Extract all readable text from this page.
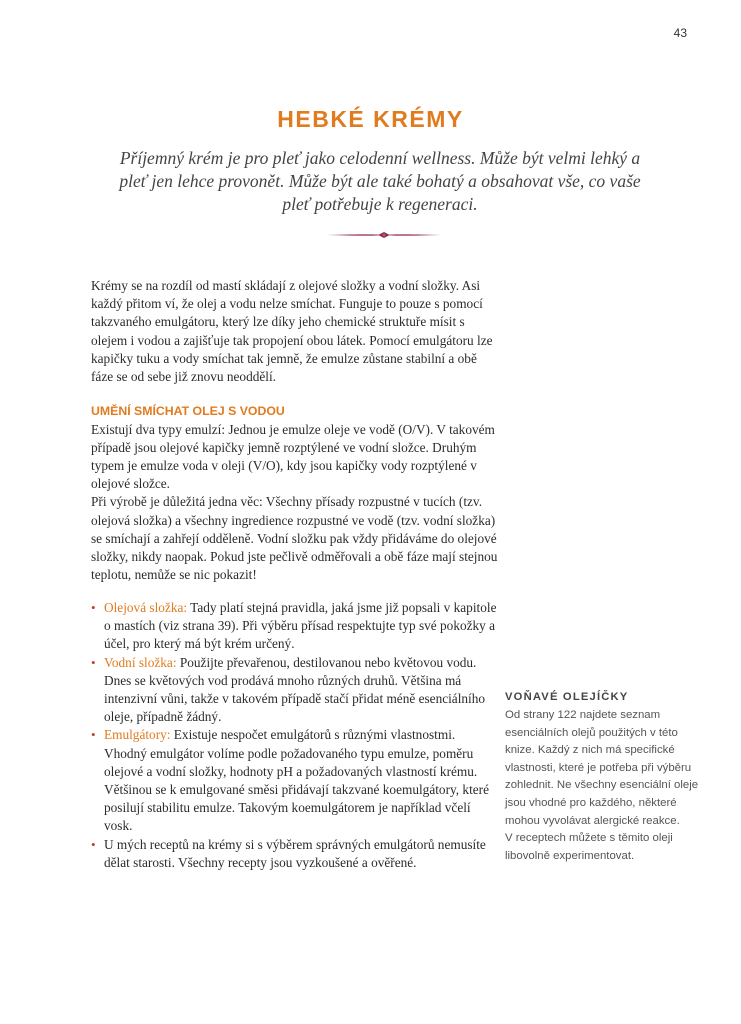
43
HEBKÉ KRÉMY
Příjemný krém je pro pleť jako celodenní wellness. Může být velmi lehký a pleť jen lehce provonět. Může být ale také bohatý a obsahovat vše, co vaše pleť potřebuje k regeneraci.
Krémy se na rozdíl od mastí skládají z olejové složky a vodní složky. Asi každý přitom ví, že olej a vodu nelze smíchat. Funguje to pouze s pomocí takzvaného emulgátoru, který lze díky jeho chemické struktuře mísit s olejem i vodou a zajišťuje tak propojení obou látek. Pomocí emulgátoru lze kapičky tuku a vody smíchat tak jemně, že emulze zůstane stabilní a obě fáze se od sebe již znovu neoddělí.
UMĚNÍ SMÍCHAT OLEJ S VODOU

Existují dva typy emulzí: Jednou je emulze oleje ve vodě (O/V). V takovém případě jsou olejové kapičky jemně rozptýlené ve vodní složce. Druhým typem je emulze voda v oleji (V/O), kdy jsou kapičky vody rozptýlené v olejové složce.

Při výrobě je důležitá jedna věc: Všechny přísady rozpustné v tucích (tzv. olejová složka) a všechny ingredience rozpustné ve vodě (tzv. vodní složka) se smíchají a zahřejí odděleně. Vodní složku pak vždy přidáváme do olejové složky, nikdy naopak. Pokud jste pečlivě odměřovali a obě fáze mají stejnou teplotu, nemůže se nic pokazit!

• Olejová složka: Tady platí stejná pravidla, jaká jsme již popsali v kapitole o mastích (viz strana 39). Při výběru přísad respektujte typ své pokožky a účel, pro který má být krém určený.

• Vodní složka: Použijte převařenou, destilovanou nebo květovou vodu. Dnes se květových vod prodává mnoho různých druhů. Většina má intenzivní vůni, takže v takovém případě stačí přidat méně esenciálního oleje, případně žádný.

• Emulgátory: Existuje nespočet emulgátorů s různými vlastnostmi. Vhodný emulgátor volíme podle požadovaného typu emulze, poměru olejové a vodní složky, hodnoty pH a požadovaných vlastností krému. Většinou se k emulgované směsi přidávají takzvané koemulgátory, které posilují stabilitu emulze. Takovým koemulgátorem je například včelí vosk.

• U mých receptů na krémy si s výběrem správných emulgátorů nemusíte dělat starosti. Všechny recepty jsou vyzkoušené a ověřené.

VOŇAVÉ OLEJÍČKY

Od strany 122 najdete seznam esenciálních olejů použitých v této knize. Každý z nich má specifické vlastnosti, které je potřeba při výběru zohlednit. Ne všechny esenciální oleje jsou vhodné pro každého, některé mohou vyvolávat alergické reakce.

V receptech můžete s těmito oleji libovolně experimentovat.
